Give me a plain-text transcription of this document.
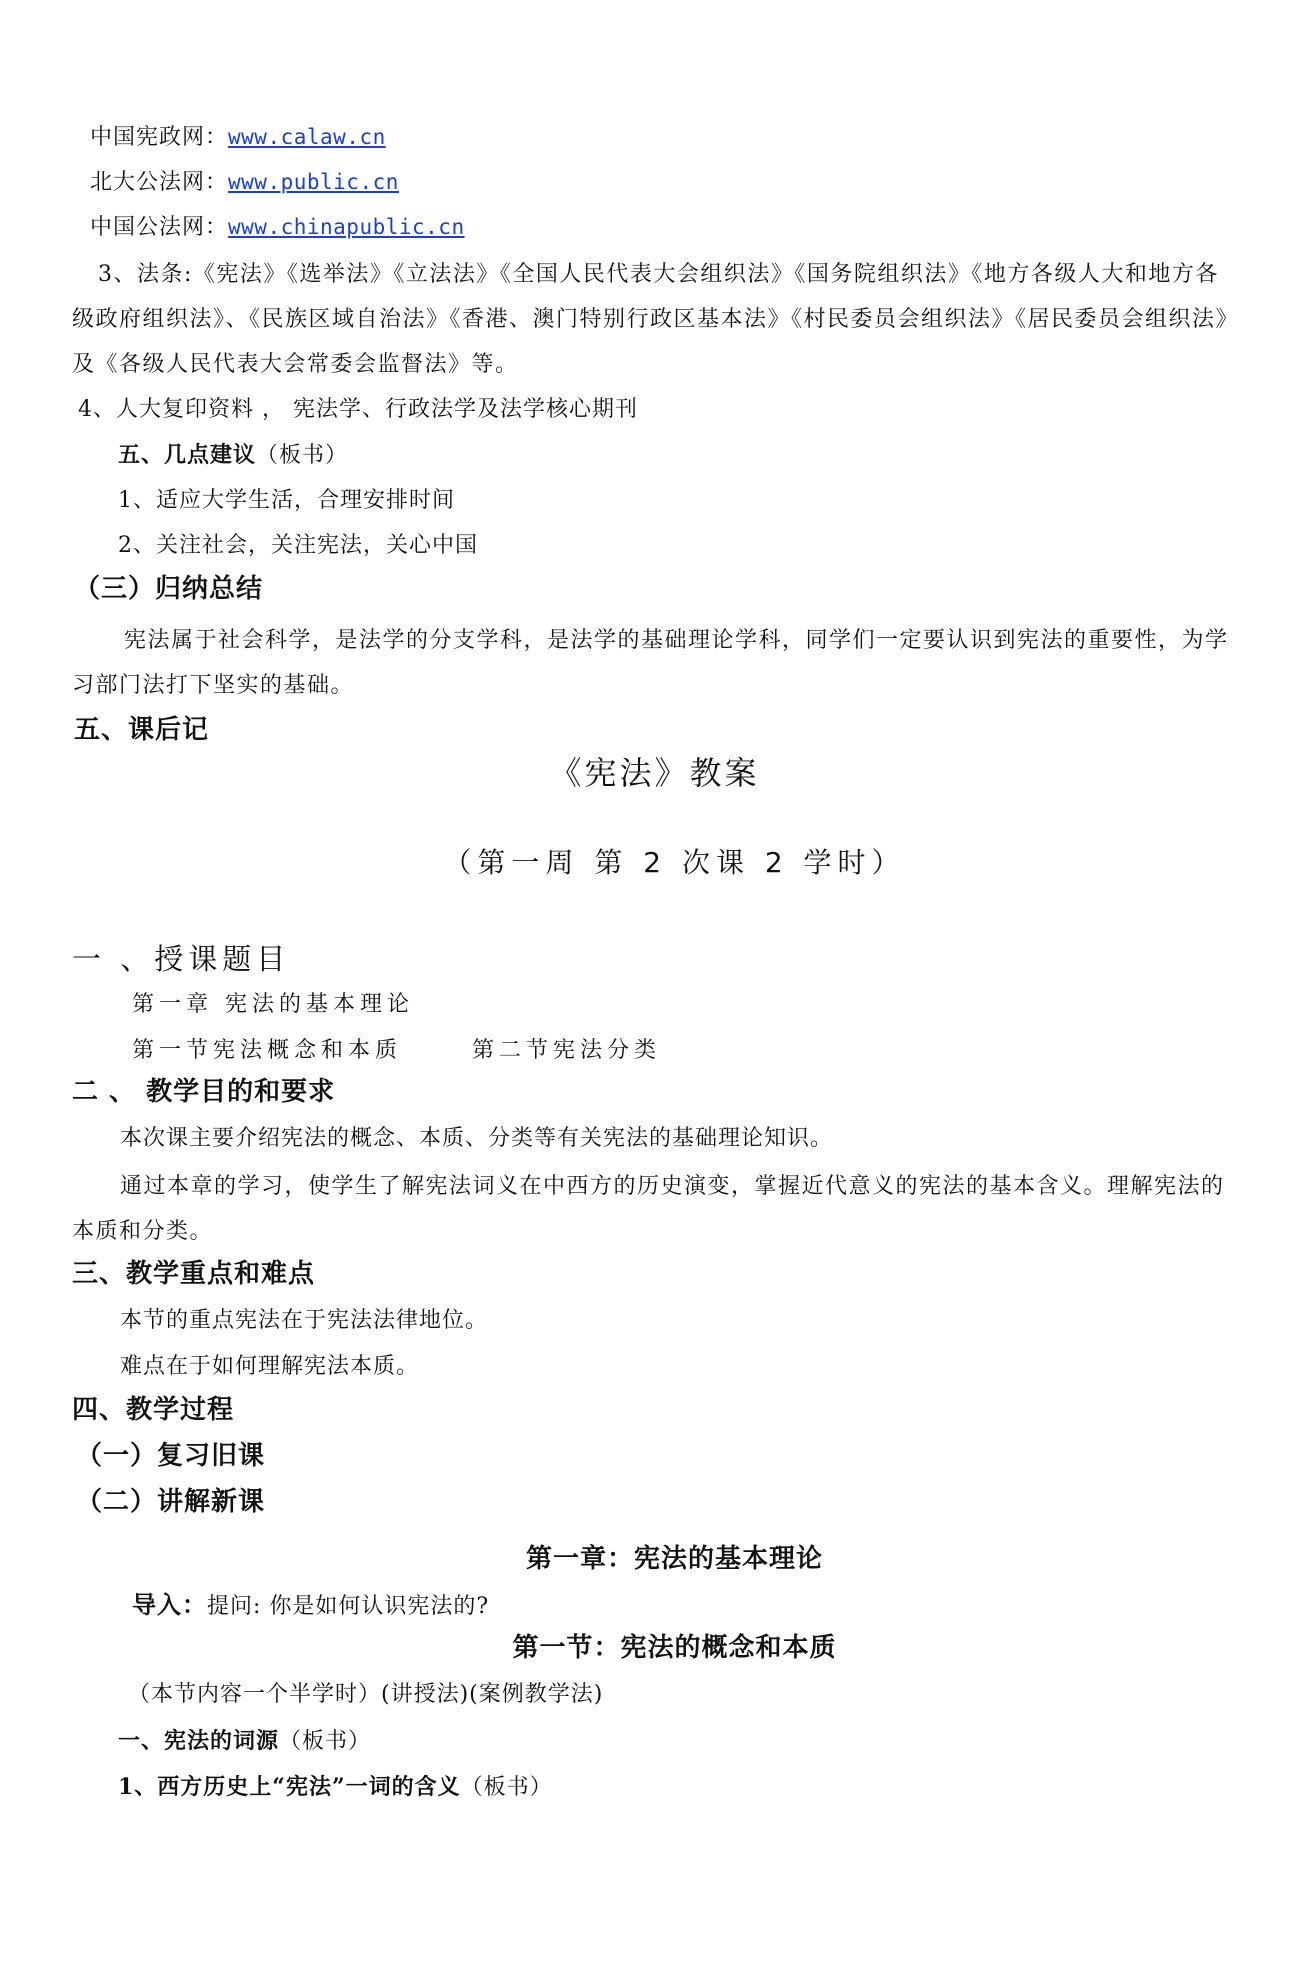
中国宪政网：www.calaw.cn
北大公法网：www.public.cn
中国公法网：www.chinapublic.cn
3、法条:《宪法》《选举法》《立法法》《全国人民代表大会组织法》《国务院组织法》《地方各级人大和地方各级政府组织法》、《民族区域自治法》《香港、澳门特别行政区基本法》《村民委员会组织法》《居民委员会组织法》及《各级人民代表大会常委会监督法》等。
4、人大复印资料 ， 宪法学、行政法学及法学核心期刊
五、几点建议（板书）
1、适应大学生活，合理安排时间
2、关注社会，关注宪法，关心中国
（三）归纳总结
宪法属于社会科学，是法学的分支学科，是法学的基础理论学科，同学们一定要认识到宪法的重要性，为学习部门法打下坚实的基础。
五、课后记
《宪法》教案
（第一周 第 2 次课 2 学时）
一 、授课题目
第一章 宪法的基本理论
第一节宪法概念和本质	第二节宪法分类
二 、 教学目的和要求
本次课主要介绍宪法的概念、本质、分类等有关宪法的基础理论知识。
通过本章的学习，使学生了解宪法词义在中西方的历史演变，掌握近代意义的宪法的基本含义。理解宪法的本质和分类。
三、教学重点和难点
本节的重点宪法在于宪法法律地位。
难点在于如何理解宪法本质。
四、教学过程
（一）复习旧课
（二）讲解新课
第一章：宪法的基本理论
导入：提问: 你是如何认识宪法的?
第一节：宪法的概念和本质
（本节内容一个半学时）(讲授法)(案例教学法)
一、宪法的词源（板书）
1、西方历史上“宪法”一词的含义（板书）
